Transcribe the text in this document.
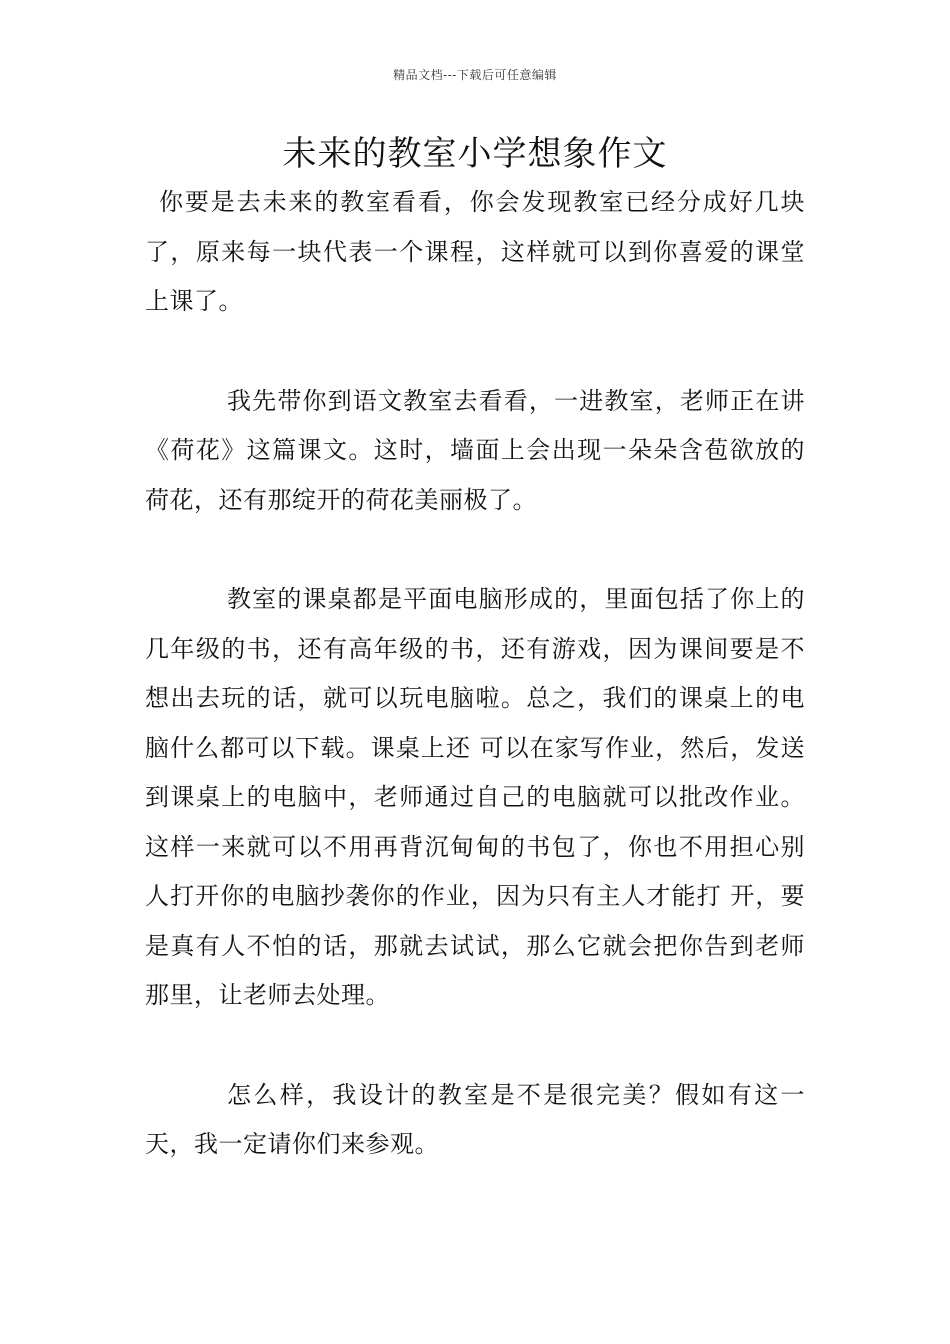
精品文档---下载后可任意编辑
未来的教室小学想象作文

你要是去未来的教室看看，你会发现教室已经分成好几块了，原来每一块代表一个课程，这样就可以到你喜爱的课堂上课了。

我先带你到语文教室去看看，一进教室，老师正在讲《荷花》这篇课文。这时，墙面上会出现一朵朵含苞欲放的荷花，还有那绽开的荷花美丽极了。

教室的课桌都是平面电脑形成的，里面包括了你上的几年级的书，还有高年级的书，还有游戏，因为课间要是不想出去玩的话，就可以玩电脑啦。总之，我们的课桌上的电脑什么都可以下载。课桌上还 可以在家写作业，然后，发送到课桌上的电脑中，老师通过自己的电脑就可以批改作业。这样一来就可以不用再背沉甸甸的书包了，你也不用担心别人打开你的电脑抄袭你的作业，因为只有主人才能打 开，要是真有人不怕的话，那就去试试，那么它就会把你告到老师那里，让老师去处理。

怎么样，我设计的教室是不是很完美？假如有这一天，我一定请你们来参观。
